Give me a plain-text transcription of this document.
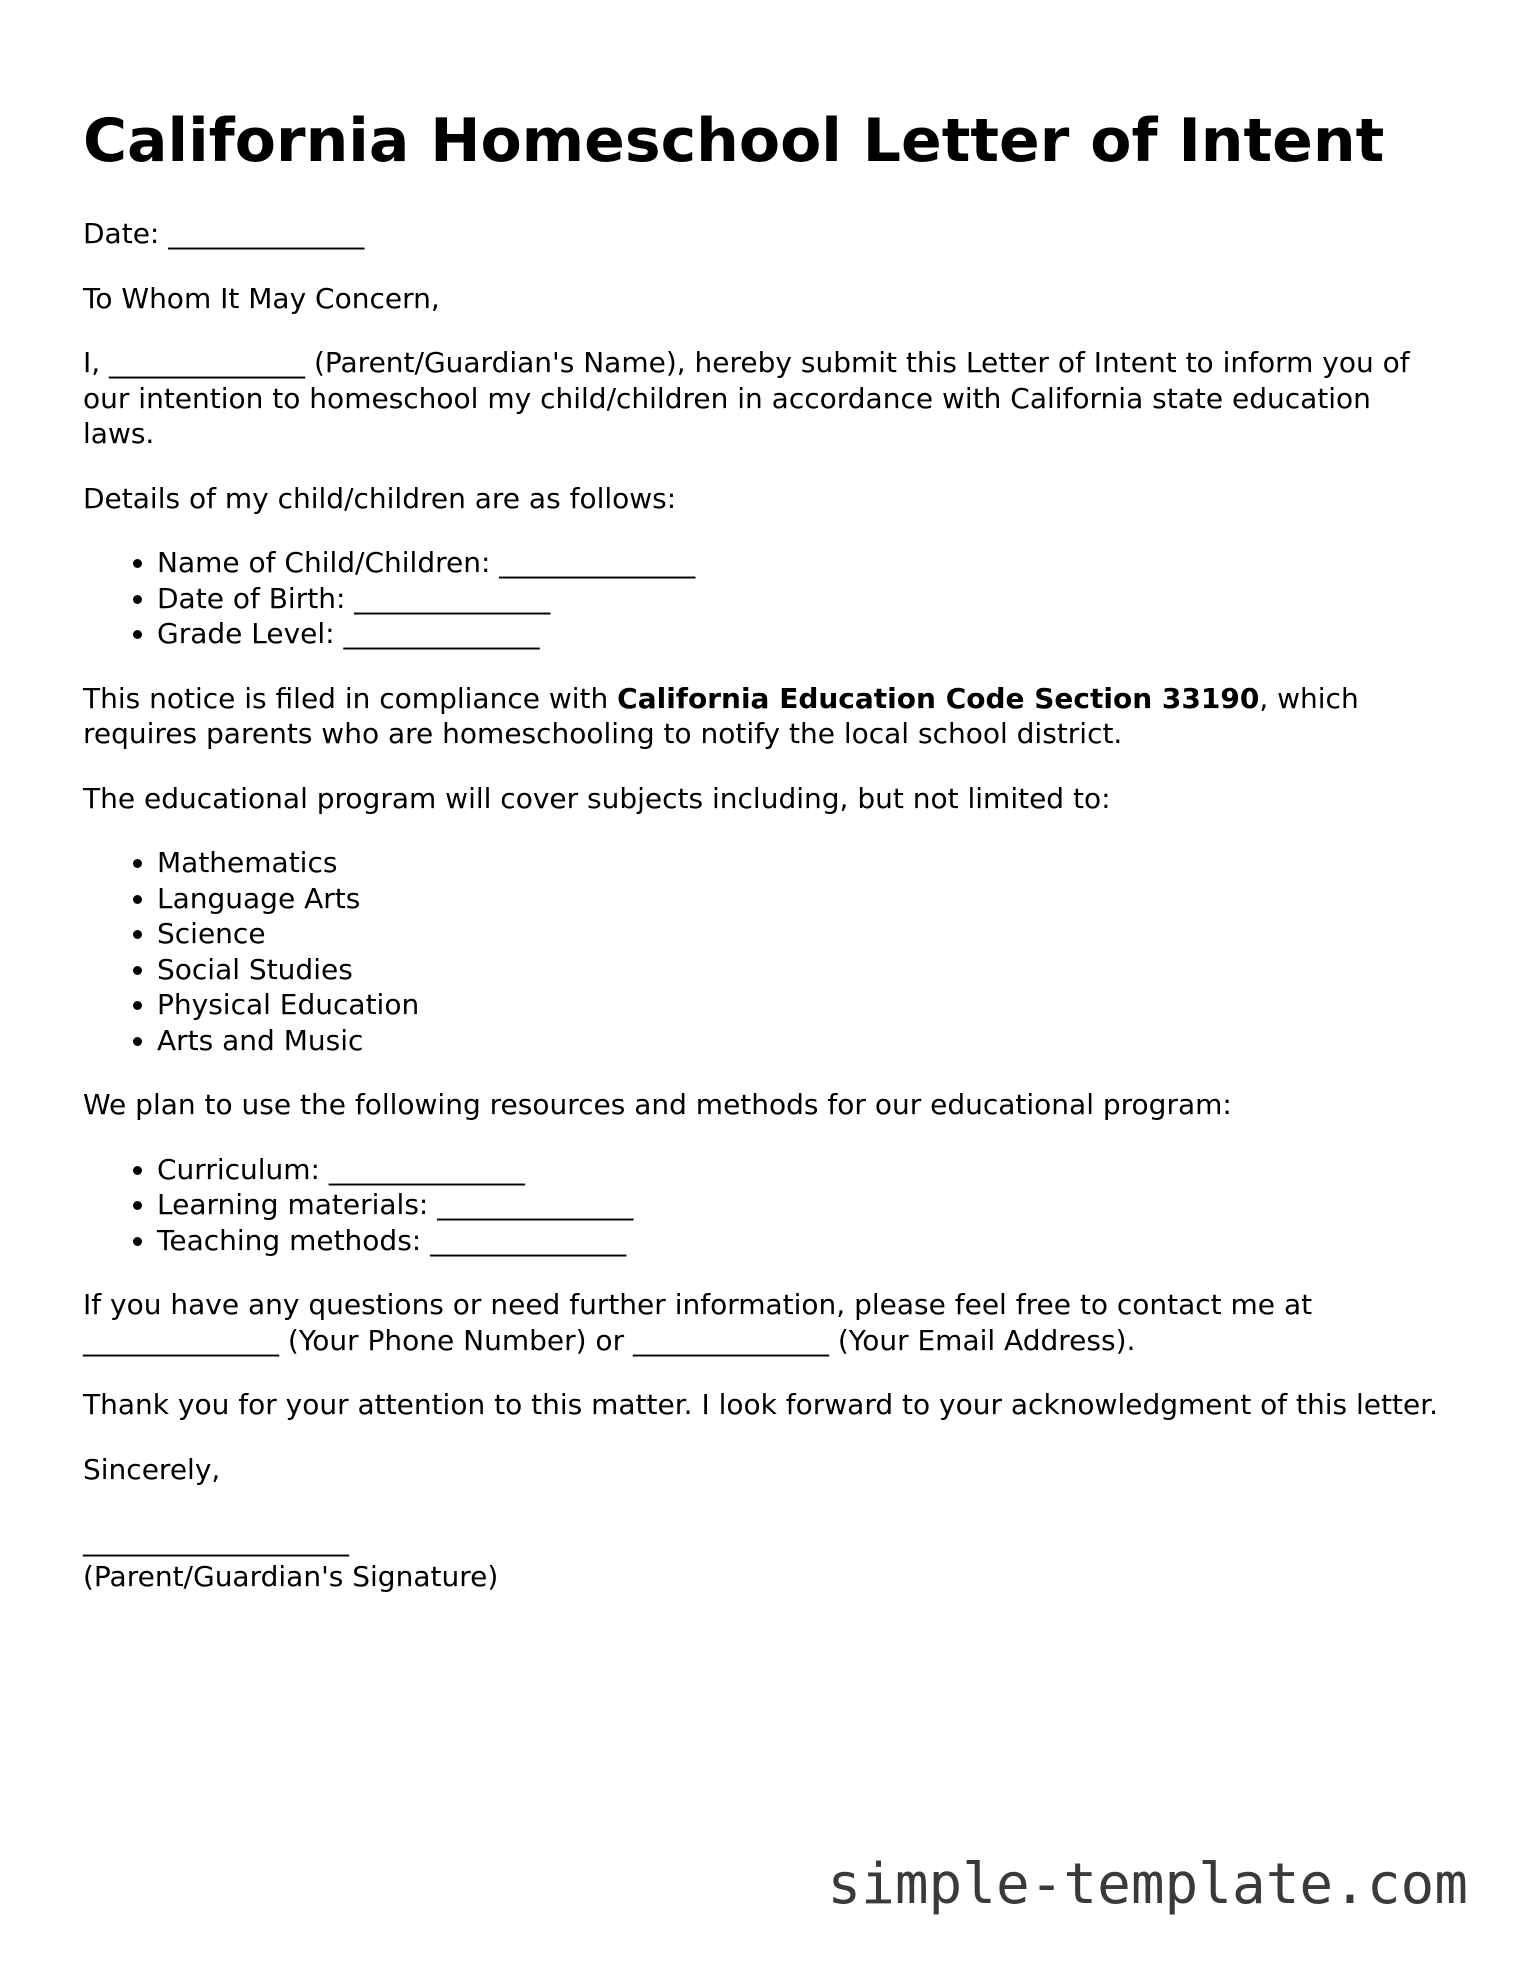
California Homeschool Letter of Intent

Date: ______________

To Whom It May Concern,

I, ______________ (Parent/Guardian's Name), hereby submit this Letter of Intent to inform you of our intention to homeschool my child/children in accordance with California state education laws.

Details of my child/children are as follows:

• Name of Child/Children: ______________
• Date of Birth: ______________
• Grade Level: ______________

This notice is filed in compliance with California Education Code Section 33190, which requires parents who are homeschooling to notify the local school district.

The educational program will cover subjects including, but not limited to:

• Mathematics
• Language Arts
• Science
• Social Studies
• Physical Education
• Arts and Music

We plan to use the following resources and methods for our educational program:

• Curriculum: ______________
• Learning materials: ______________
• Teaching methods: ______________

If you have any questions or need further information, please feel free to contact me at ______________ (Your Phone Number) or ______________ (Your Email Address).

Thank you for your attention to this matter. I look forward to your acknowledgment of this letter.

Sincerely,

___________________
(Parent/Guardian's Signature)
simple-template.com
